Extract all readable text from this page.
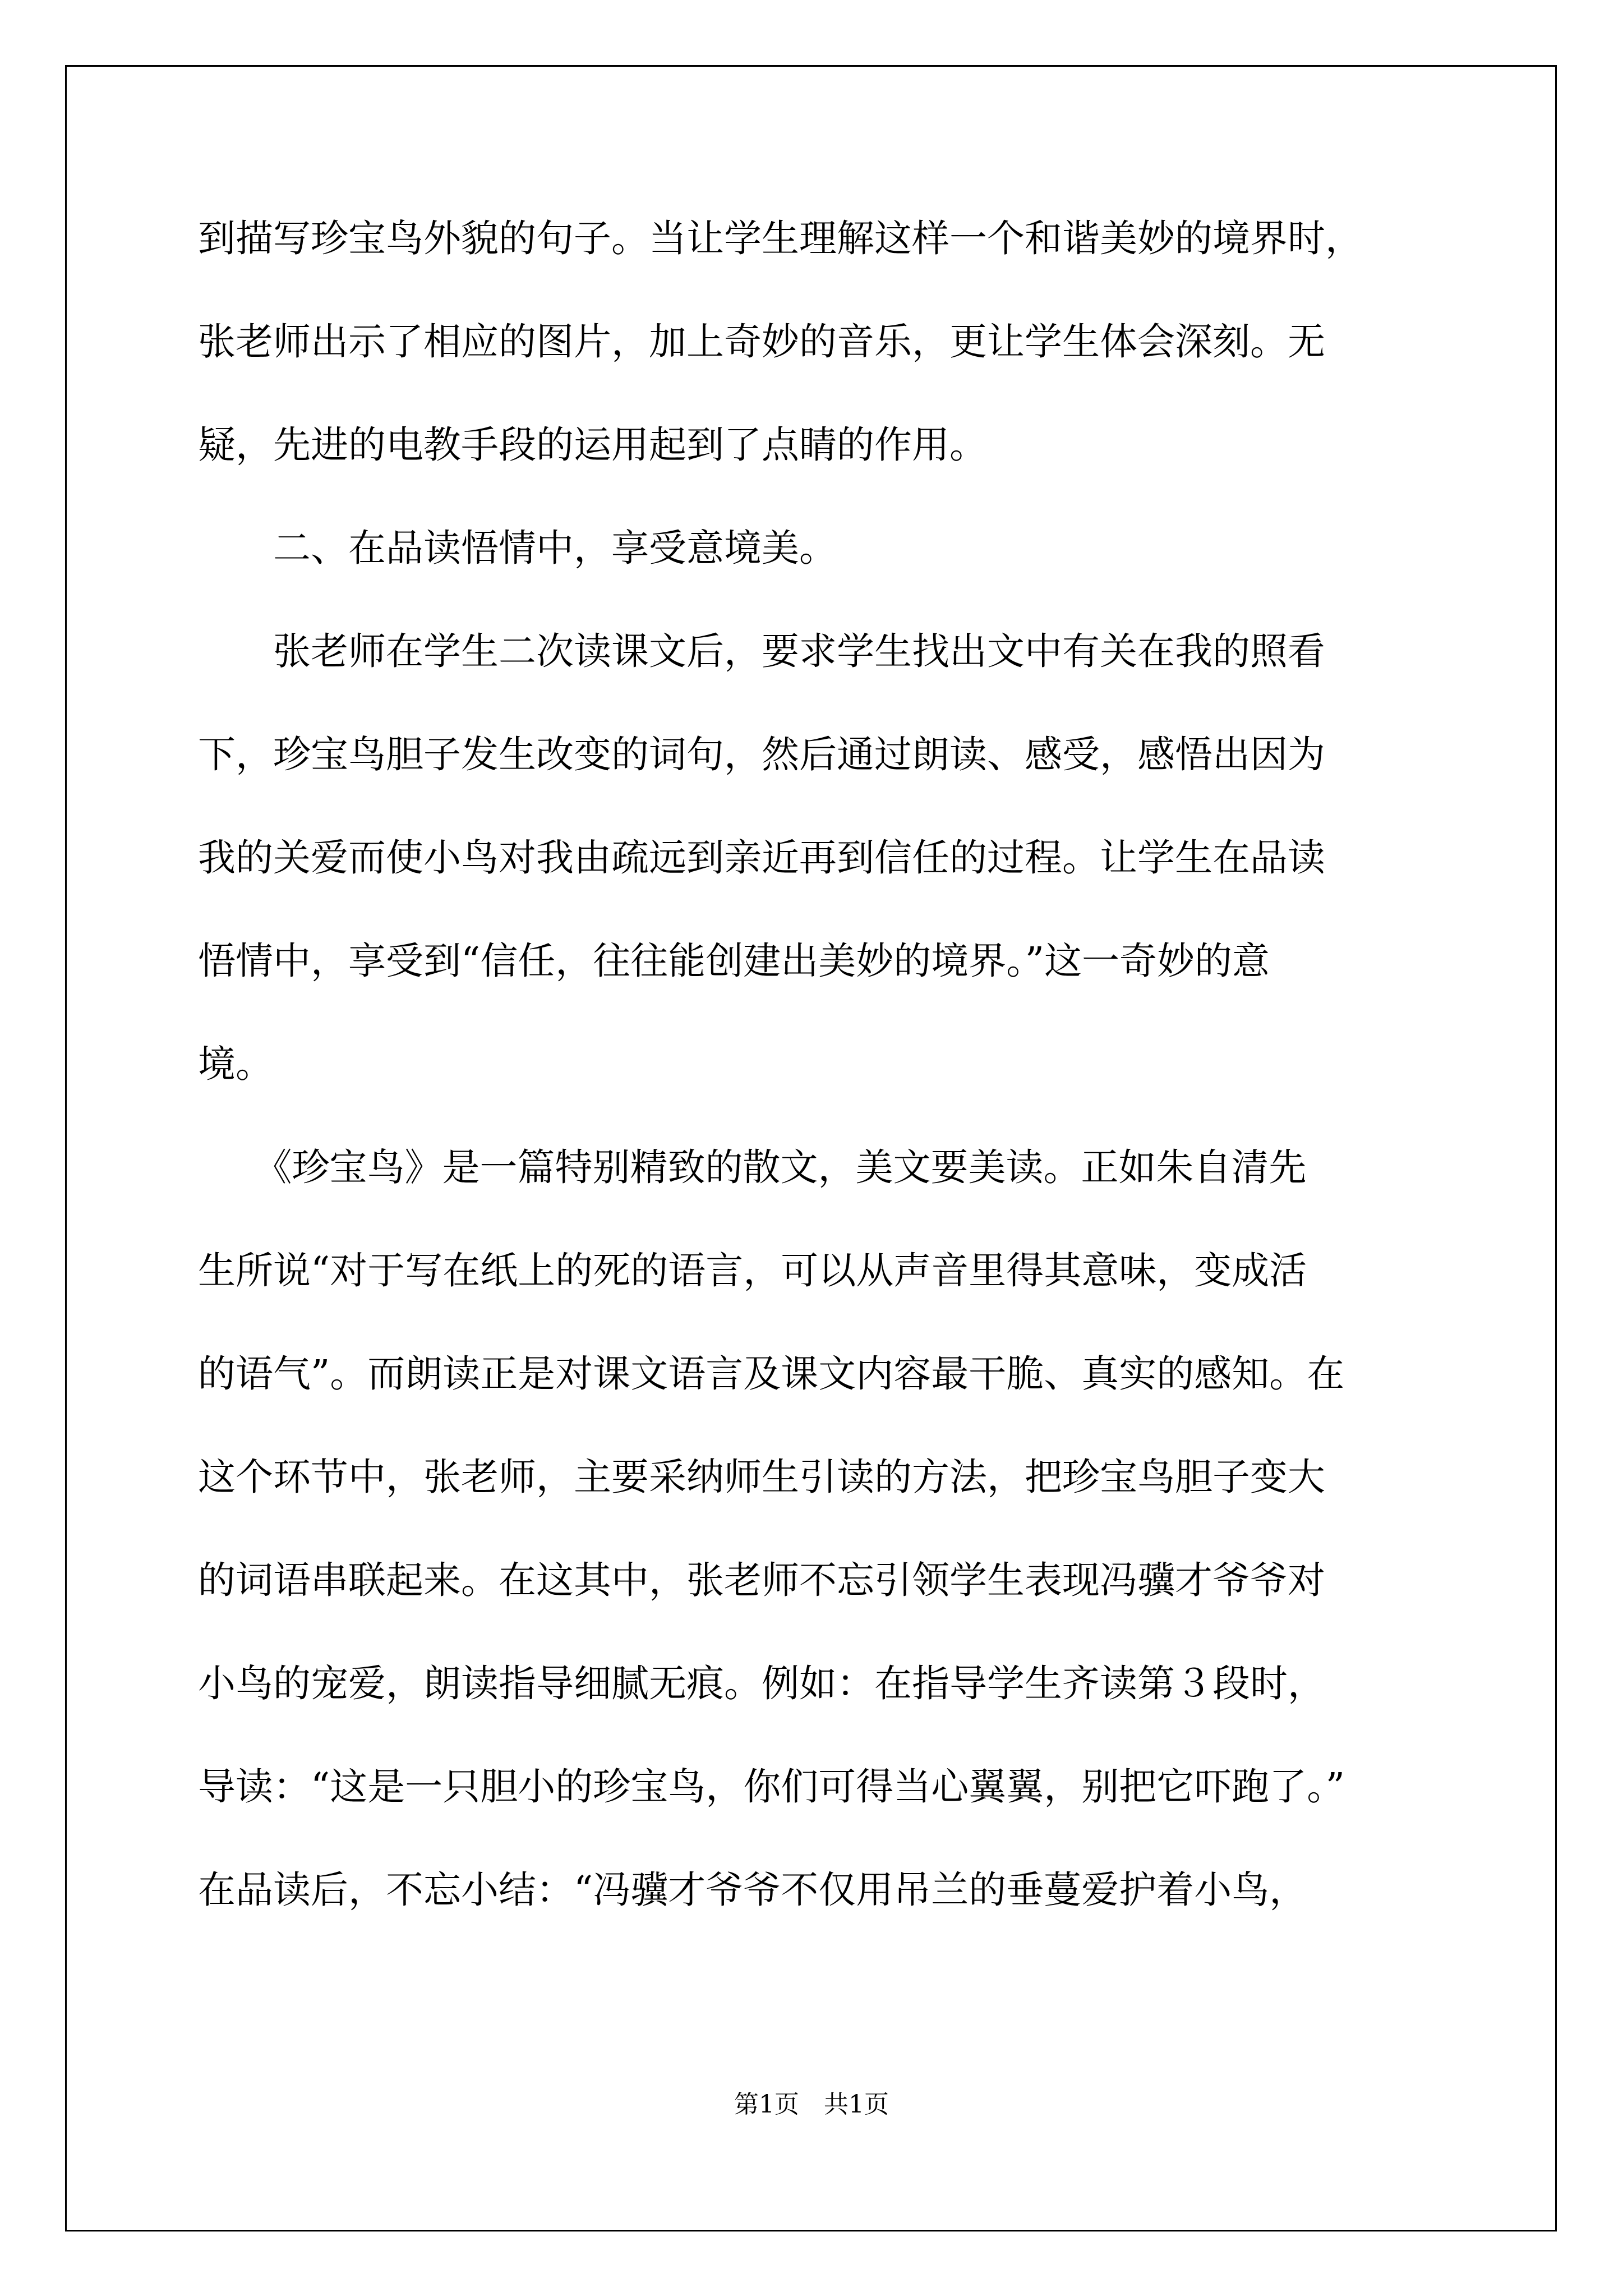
到描写珍宝鸟外貌的句子。当让学生理解这样一个和谐美妙的境界时，
张老师出示了相应的图片，加上奇妙的音乐，更让学生体会深刻。无
疑，先进的电教手段的运用起到了点睛的作用。
　　二、在品读悟情中，享受意境美。
　　张老师在学生二次读课文后，要求学生找出文中有关在我的照看
下，珍宝鸟胆子发生改变的词句，然后通过朗读、感受，感悟出因为
我的关爱而使小鸟对我由疏远到亲近再到信任的过程。让学生在品读
悟情中，享受到“信任，往往能创建出美妙的境界。”这一奇妙的意
境。
　　《珍宝鸟》是一篇特别精致的散文，美文要美读。正如朱自清先
生所说“对于写在纸上的死的语言，可以从声音里得其意味，变成活
的语气”。而朗读正是对课文语言及课文内容最干脆、真实的感知。在
这个环节中，张老师，主要采纳师生引读的方法，把珍宝鸟胆子变大
的词语串联起来。在这其中，张老师不忘引领学生表现冯骥才爷爷对
小鸟的宠爱，朗读指导细腻无痕。例如：在指导学生齐读第３段时，
导读：“这是一只胆小的珍宝鸟，你们可得当心翼翼，别把它吓跑了。”
在品读后，不忘小结：“冯骥才爷爷不仅用吊兰的垂蔓爱护着小鸟，
第1页　共1页
